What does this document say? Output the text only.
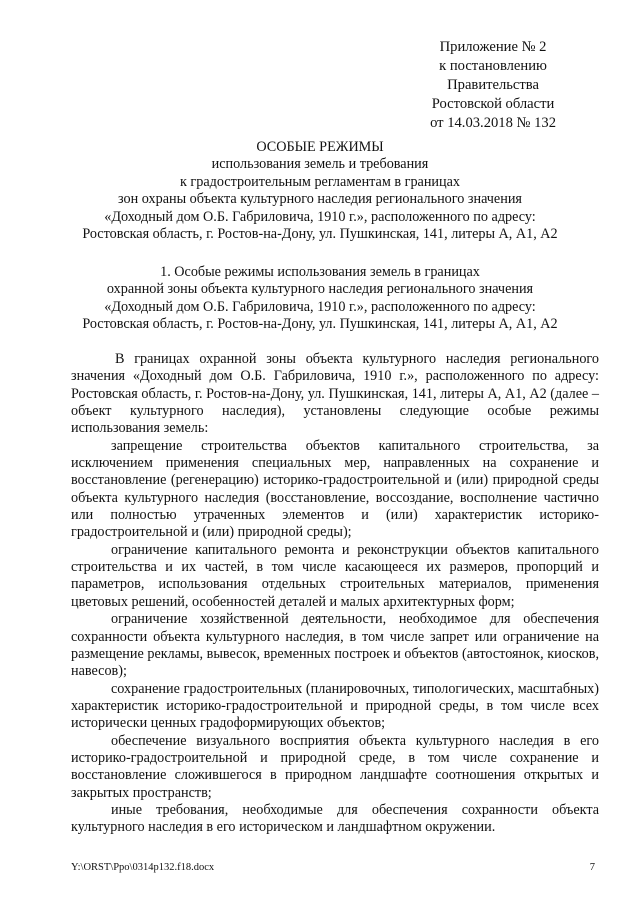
Приложение № 2
к постановлению
Правительства
Ростовской области
от 14.03.2018 № 132
ОСОБЫЕ РЕЖИМЫ
использования земель и требования
к градостроительным регламентам в границах
зон охраны объекта культурного наследия регионального значения
«Доходный дом О.Б. Габриловича, 1910 г.», расположенного по адресу:
Ростовская область, г. Ростов-на-Дону, ул. Пушкинская, 141, литеры А, А1, А2
1. Особые режимы использования земель в границах
охранной зоны объекта культурного наследия регионального значения
«Доходный дом О.Б. Габриловича, 1910 г.», расположенного по адресу:
Ростовская область, г. Ростов-на-Дону, ул. Пушкинская, 141, литеры А, А1, А2

В границах охранной зоны объекта культурного наследия регионального значения «Доходный дом О.Б. Габриловича, 1910 г.», расположенного по адресу: Ростовская область, г. Ростов-на-Дону, ул. Пушкинская, 141, литеры А, А1, А2 (далее – объект культурного наследия), установлены следующие особые режимы использования земель:

запрещение строительства объектов капитального строительства, за исключением применения специальных мер, направленных на сохранение и восстановление (регенерацию) историко-градостроительной и (или) природной среды объекта культурного наследия (восстановление, воссоздание, восполнение частично или полностью утраченных элементов и (или) характеристик историко-градостроительной и (или) природной среды);

ограничение капитального ремонта и реконструкции объектов капитального строительства и их частей, в том числе касающееся их размеров, пропорций и параметров, использования отдельных строительных материалов, применения цветовых решений, особенностей деталей и малых архитектурных форм;

ограничение хозяйственной деятельности, необходимое для обеспечения сохранности объекта культурного наследия, в том числе запрет или ограничение на размещение рекламы, вывесок, временных построек и объектов (автостоянок, киосков, навесов);

сохранение градостроительных (планировочных, типологических, масштабных) характеристик историко-градостроительной и природной среды, в том числе всех исторически ценных градоформирующих объектов;

обеспечение визуального восприятия объекта культурного наследия в его историко-градостроительной и природной среде, в том числе сохранение и восстановление сложившегося в природном ландшафте соотношения открытых и закрытых пространств;

иные требования, необходимые для обеспечения сохранности объекта культурного наследия в его историческом и ландшафтном окружении.

Y:\ORST\Ppo\0314p132.f18.docx	7
